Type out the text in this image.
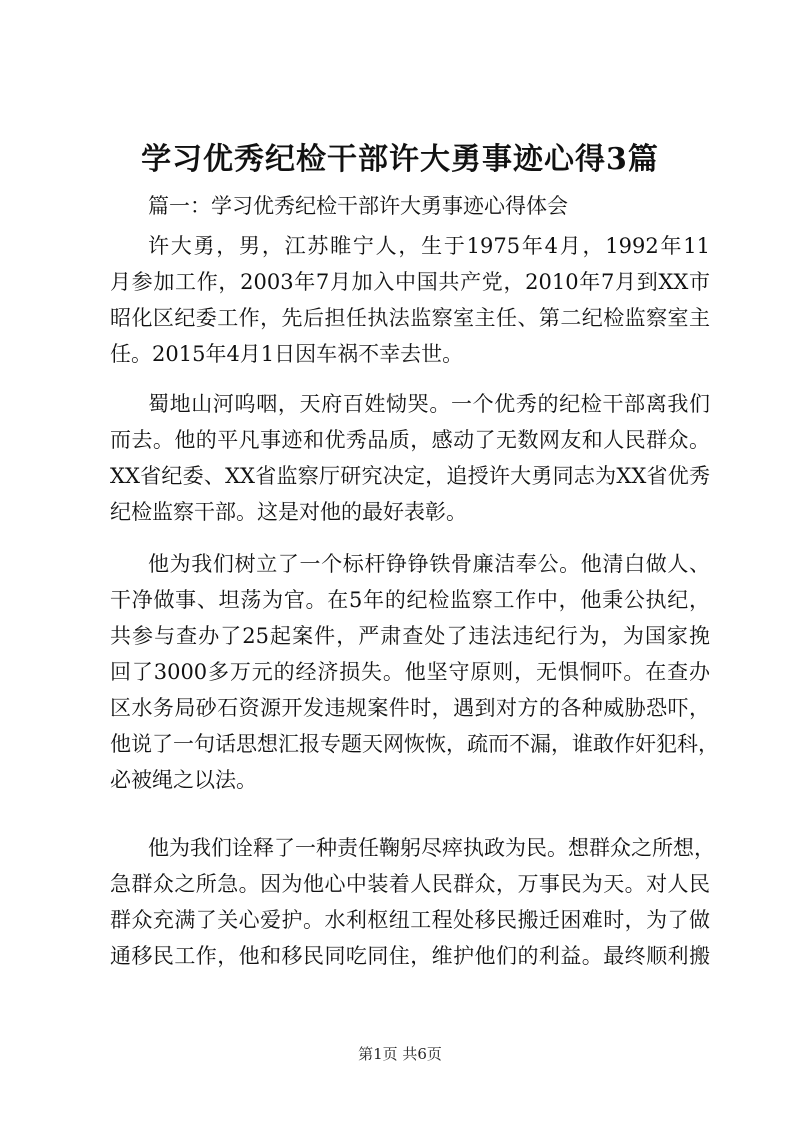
学习优秀纪检干部许大勇事迹心得3篇

篇一：学习优秀纪检干部许大勇事迹心得体会

许大勇，男，江苏睢宁人，生于1975年4月，1992年11
月参加工作，2003年7月加入中国共产党，2010年7月到XX市
昭化区纪委工作，先后担任执法监察室主任、第二纪检监察室主
任。2015年4月1日因车祸不幸去世。
蜀地山河呜咽，天府百姓恸哭。一个优秀的纪检干部离我们
而去。他的平凡事迹和优秀品质，感动了无数网友和人民群众。
XX省纪委、XX省监察厅研究决定，追授许大勇同志为XX省优秀
纪检监察干部。这是对他的最好表彰。
他为我们树立了一个标杆铮铮铁骨廉洁奉公。他清白做人、
干净做事、坦荡为官。在5年的纪检监察工作中，他秉公执纪，
共参与查办了25起案件，严肃查处了违法违纪行为，为国家挽
回了3000多万元的经济损失。他坚守原则，无惧恫吓。在查办
区水务局砂石资源开发违规案件时，遇到对方的各种威胁恐吓，
他说了一句话思想汇报专题天网恢恢，疏而不漏，谁敢作奸犯科，
必被绳之以法。
他为我们诠释了一种责任鞠躬尽瘁执政为民。想群众之所想，
急群众之所急。因为他心中装着人民群众，万事民为天。对人民
群众充满了关心爱护。水利枢纽工程处移民搬迁困难时，为了做
通移民工作，他和移民同吃同住，维护他们的利益。最终顺利搬
第1页 共6页
